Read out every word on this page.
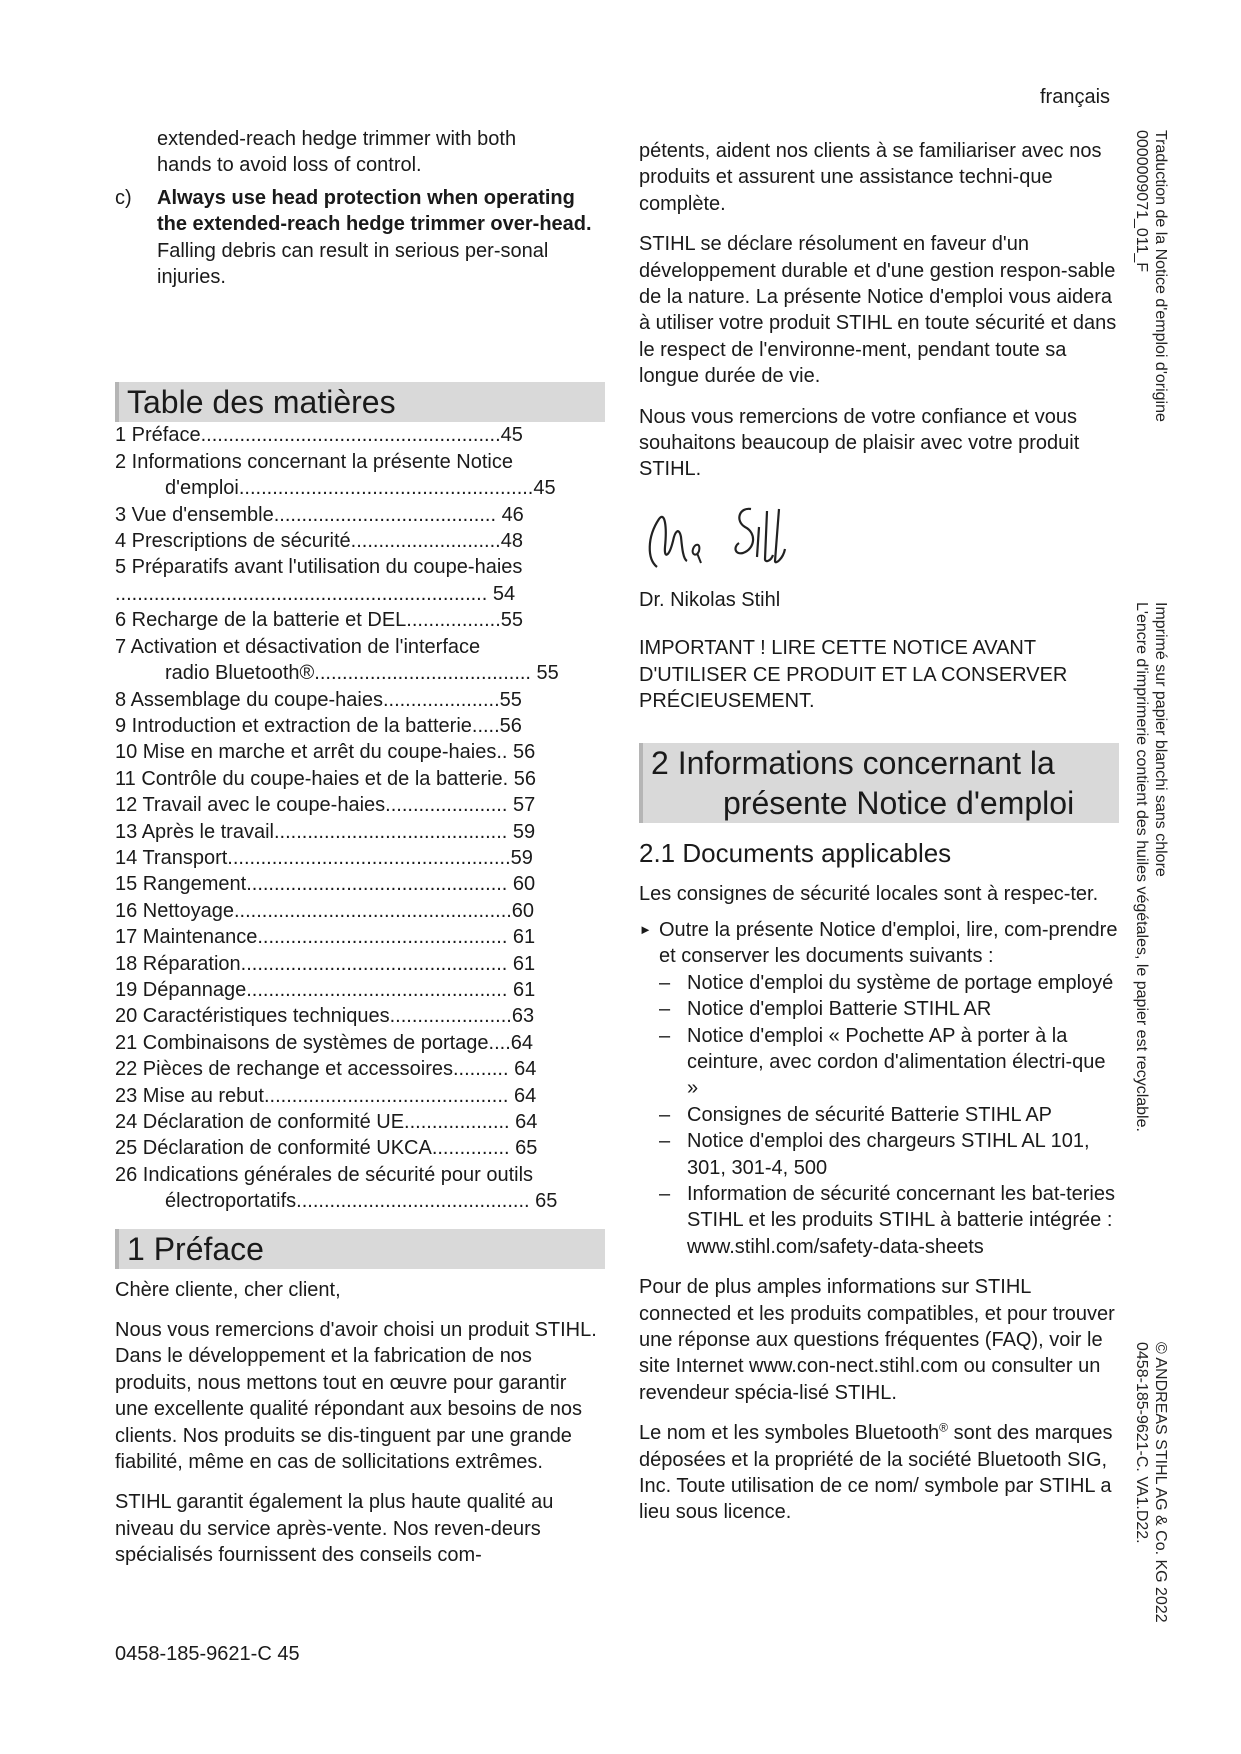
français

extended-reach hedge trimmer with both

hands to avoid loss of control.

c) Always use head protection when operating the extended-reach hedge trimmer over-head. Falling debris can result in serious per-sonal injuries.
Table des matières
1 Préface......................................................45
2 Informations concernant la présente Notice
d'emploi.....................................................45
3 Vue d'ensemble........................................ 46
4 Prescriptions de sécurité...........................48
5 Préparatifs avant l'utilisation du coupe-haies
................................................................... 54
6 Recharge de la batterie et DEL.................55
7 Activation et désactivation de l'interface
radio Bluetooth®....................................... 55
8 Assemblage du coupe-haies.....................55
9 Introduction et extraction de la batterie.....56
10 Mise en marche et arrêt du coupe-haies.. 56
11 Contrôle du coupe-haies et de la batterie. 56
12 Travail avec le coupe-haies...................... 57
13 Après le travail.......................................... 59
14 Transport...................................................59
15 Rangement............................................... 60
16 Nettoyage..................................................60
17 Maintenance............................................. 61
18 Réparation................................................ 61
19 Dépannage............................................... 61
20 Caractéristiques techniques......................63
21 Combinaisons de systèmes de portage....64
22 Pièces de rechange et accessoires.......... 64
23 Mise au rebut............................................ 64
24 Déclaration de conformité UE................... 64
25 Déclaration de conformité UKCA.............. 65
26 Indications générales de sécurité pour outils
électroportatifs.......................................... 65
1 Préface

Chère cliente, cher client,

Nous vous remercions d'avoir choisi un produit STIHL. Dans le développement et la fabrication de nos produits, nous mettons tout en œuvre pour garantir une excellente qualité répondant aux besoins de nos clients. Nos produits se dis-tinguent par une grande fiabilité, même en cas de sollicitations extrêmes.

STIHL garantit également la plus haute qualité au niveau du service après-vente. Nos reven-deurs spécialisés fournissent des conseils com-

pétents, aident nos clients à se familiariser avec nos produits et assurent une assistance techni-que complète.

STIHL se déclare résolument en faveur d'un développement durable et d'une gestion respon-sable de la nature. La présente Notice d'emploi vous aidera à utiliser votre produit STIHL en toute sécurité et dans le respect de l'environne-ment, pendant toute sa longue durée de vie.

Nous vous remercions de votre confiance et vous souhaitons beaucoup de plaisir avec votre produit STIHL.

N. Stihl

Dr. Nikolas Stihl

IMPORTANT ! LIRE CETTE NOTICE AVANT D'UTILISER CE PRODUIT ET LA CONSERVER PRÉCIEUSEMENT.

2 Informations concernant la
présente Notice d'emploi
2.1 Documents applicables

Les consignes de sécurité locales sont à respec-ter.

► Outre la présente Notice d'emploi, lire, com-prendre et conserver les documents suivants :
– Notice d'emploi du système de portage employé
– Notice d'emploi Batterie STIHL AR
– Notice d'emploi « Pochette AP à porter à la ceinture, avec cordon d'alimentation électri-que »
– Consignes de sécurité Batterie STIHL AP
– Notice d'emploi des chargeurs STIHL AL 101, 301, 301-4, 500
– Information de sécurité concernant les bat-teries STIHL et les produits STIHL à batterie intégrée : www.stihl.com/safety-data-sheets

Pour de plus amples informations sur STIHL connected et les produits compatibles, et pour trouver une réponse aux questions fréquentes (FAQ), voir le site Internet www.con-nect.stihl.com ou consulter un revendeur spécia-lisé STIHL.

Le nom et les symboles Bluetooth® sont des marques déposées et la propriété de la société Bluetooth SIG, Inc. Toute utilisation de ce nom/ symbole par STIHL a lieu sous licence.

Traduction de la Notice d'emploi d'origine
0000009071_011_F
Imprimé sur papier blanchi sans chlore
L'encre d'imprimerie contient des huiles végétales, le papier est recyclable.
© ANDREAS STIHL AG & Co. KG 2022
0458-185-9621-C. VA1.D22.
0458-185-9621-C 45
